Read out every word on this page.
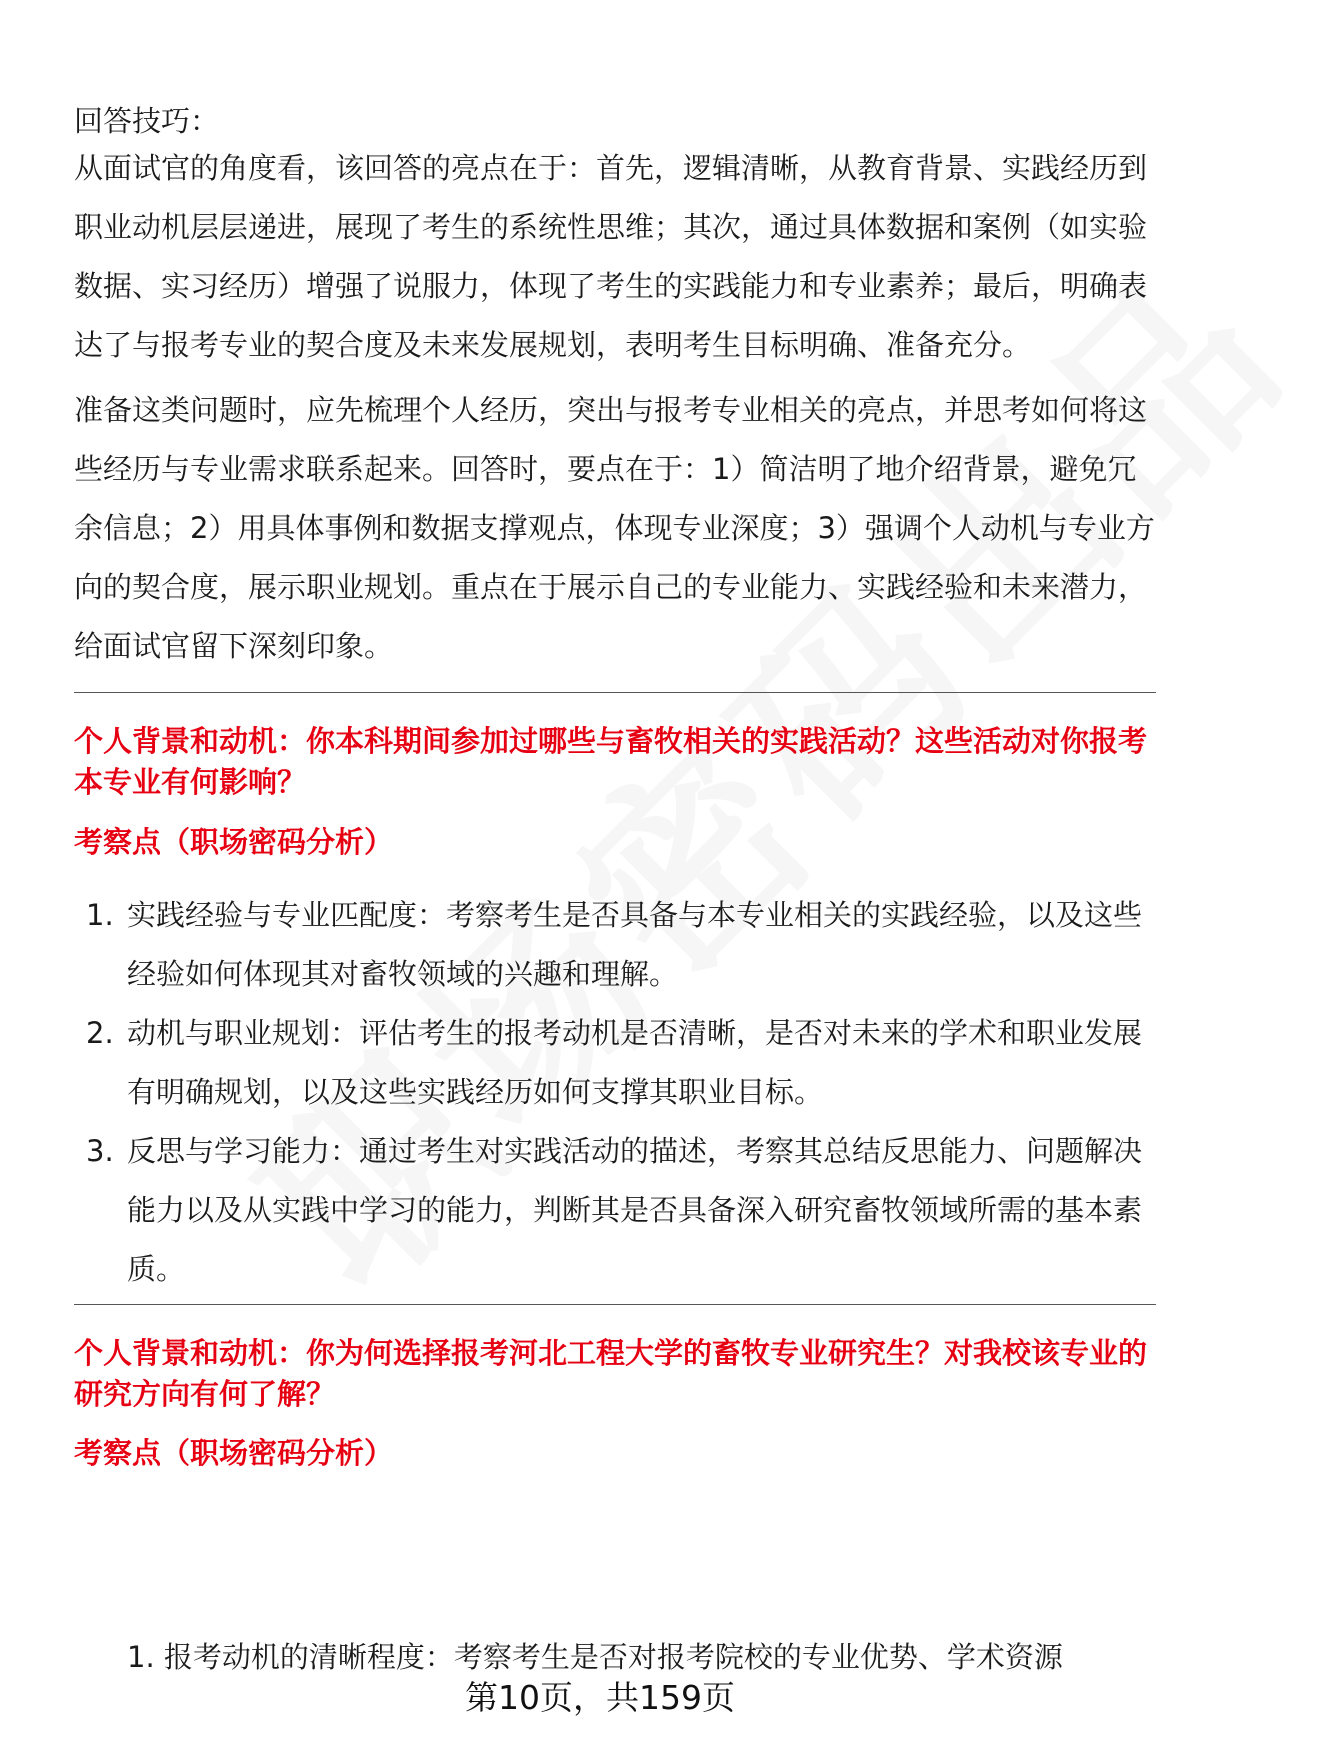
回答技巧：

从面试官的角度看，该回答的亮点在于：首先，逻辑清晰，从教育背景、实践经历到职业动机层层递进，展现了考生的系统性思维；其次，通过具体数据和案例（如实验数据、实习经历）增强了说服力，体现了考生的实践能力和专业素养；最后，明确表达了与报考专业的契合度及未来发展规划，表明考生目标明确、准备充分。

准备这类问题时，应先梳理个人经历，突出与报考专业相关的亮点，并思考如何将这些经历与专业需求联系起来。回答时，要点在于：1）简洁明了地介绍背景，避免冗余信息；2）用具体事例和数据支撑观点，体现专业深度；3）强调个人动机与专业方向的契合度，展示职业规划。重点在于展示自己的专业能力、实践经验和未来潜力，给面试官留下深刻印象。

个人背景和动机：你本科期间参加过哪些与畜牧相关的实践活动？这些活动对你报考本专业有何影响？

考察点（职场密码分析）

1. 实践经验与专业匹配度：考察考生是否具备与本专业相关的实践经验，以及这些经验如何体现其对畜牧领域的兴趣和理解。
2. 动机与职业规划：评估考生的报考动机是否清晰，是否对未来的学术和职业发展有明确规划，以及这些实践经历如何支撑其职业目标。
3. 反思与学习能力：通过考生对实践活动的描述，考察其总结反思能力、问题解决能力以及从实践中学习的能力，判断其是否具备深入研究畜牧领域所需的基本素质。

个人背景和动机：你为何选择报考河北工程大学的畜牧专业研究生？对我校该专业的研究方向有何了解？

考察点（职场密码分析）

1. 报考动机的清晰程度：考察考生是否对报考院校的专业优势、学术资源
第10页，共159页
